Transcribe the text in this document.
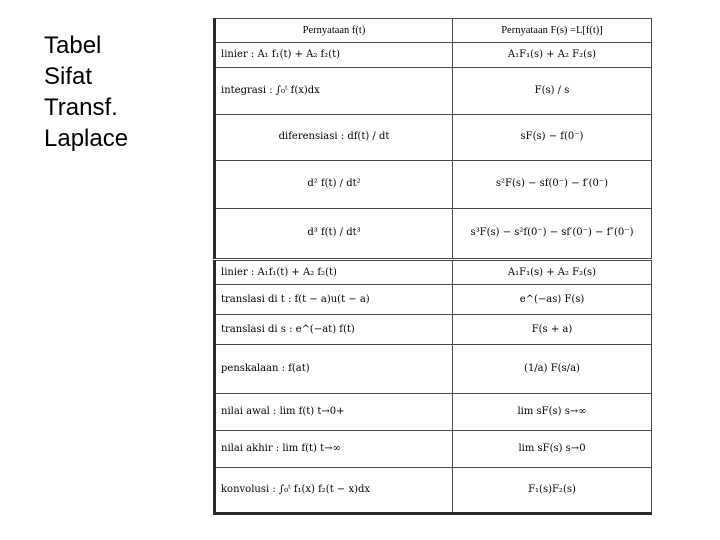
Tabel
Sifat
Transf.
Laplace
Pernyataan f(t)	Pernyataan F(s) =L[f(t)]
linier : A₁ f₁(t) + A₂ f₂(t)	A₁F₁(s) + A₂ F₂(s)
integrasi : ∫₀ᵗ f(x)dx	F(s) / s
diferensiasi : df(t) / dt	sF(s) − f(0⁻)
d² f(t) / dt²	s²F(s) − sf(0⁻) − f′(0⁻)
d³ f(t) / dt³	s³F(s) − s²f(0⁻) − sf′(0⁻) − f″(0⁻)
linier : A₁f₁(t) + A₂ f₂(t)	A₁F₁(s) + A₂ F₂(s)
translasi di t : f(t − a)u(t − a)	e^(−as) F(s)
translasi di s : e^(−at) f(t)	F(s + a)
penskalaan : f(at)	(1/a) F(s/a)
nilai awal : lim f(t) t→0+	lim sF(s) s→∞
nilai akhir : lim f(t) t→∞	lim sF(s) s→0
konvolusi : ∫₀ᵗ f₁(x) f₂(t − x)dx	F₁(s)F₂(s)
